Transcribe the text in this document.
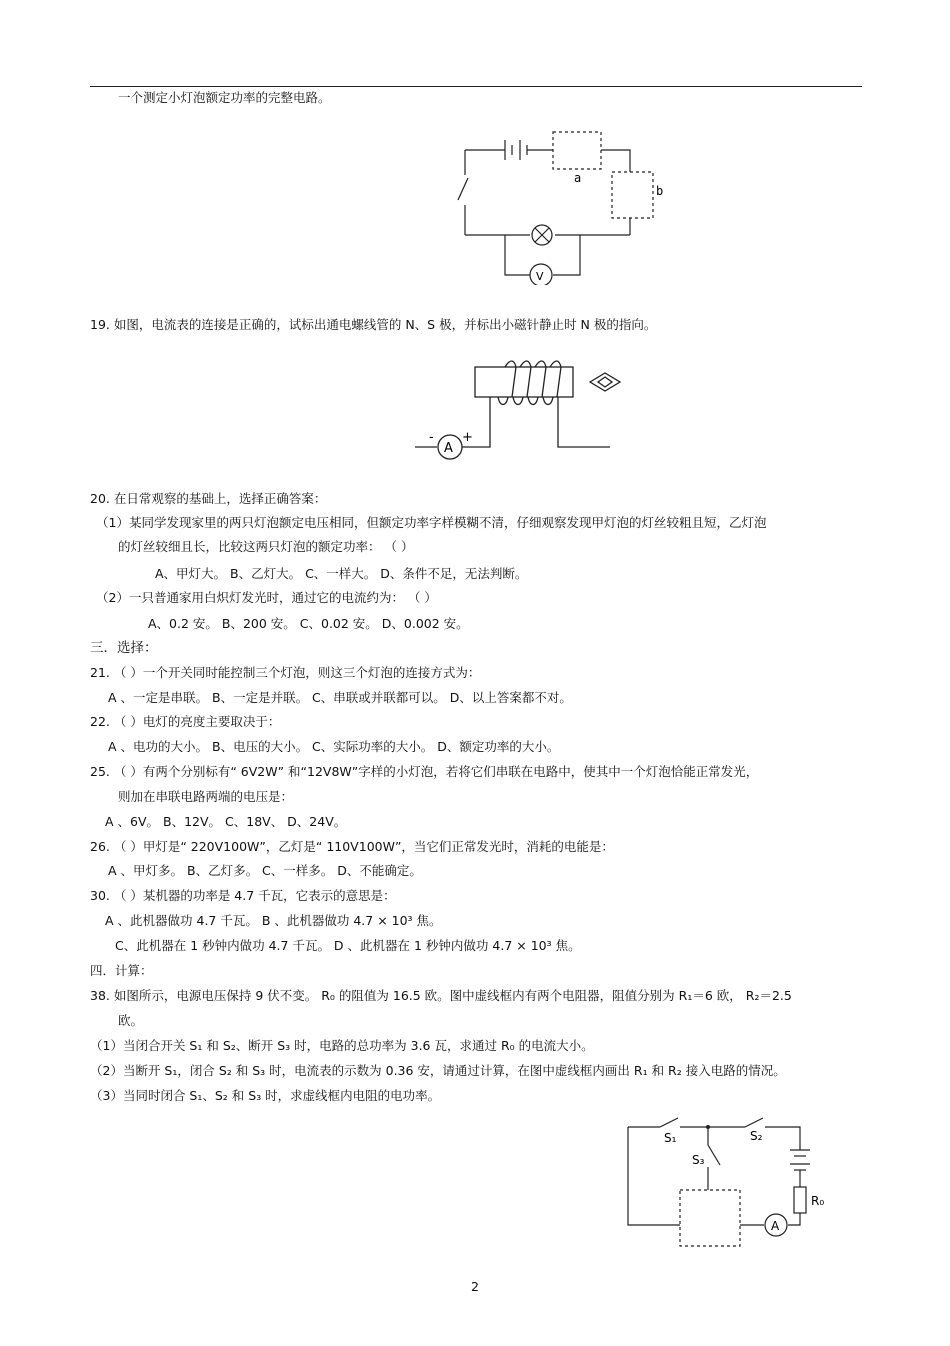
一个测定小灯泡额定功率的完整电路。
a
b
V
19. 如图，电流表的连接是正确的，试标出通电螺线管的 N、S 极，并标出小磁针静止时 N 极的指向。
- +
A
20. 在日常观察的基础上，选择正确答案：
（1）某同学发现家里的两只灯泡额定电压相同，但额定功率字样模糊不清，仔细观察发现甲灯泡的灯丝较粗且短，乙灯泡
的灯丝较细且长，比较这两只灯泡的额定功率： （ ）
A、甲灯大。 B、乙灯大。 C、一样大。 D、条件不足，无法判断。
（2）一只普通家用白炽灯发光时，通过它的电流约为： （ ）
A、0.2 安。 B、200 安。 C、0.02 安。 D、0.002 安。
三．选择：
21. （ ）一个开关同时能控制三个灯泡，则这三个灯泡的连接方式为：
A 、一定是串联。 B、一定是并联。 C、串联或并联都可以。 D、以上答案都不对。
22. （ ）电灯的亮度主要取决于：
A 、电功的大小。 B、电压的大小。 C、实际功率的大小。 D、额定功率的大小。
25. （ ）有两个分别标有“ 6V2W” 和“12V8W”字样的小灯泡，若将它们串联在电路中，使其中一个灯泡恰能正常发光，
则加在串联电路两端的电压是：
A 、6V。 B、12V。 C、18V、 D、24V。
26. （ ）甲灯是“ 220V100W”，乙灯是“ 110V100W”，当它们正常发光时，消耗的电能是：
A 、甲灯多。 B、乙灯多。 C、一样多。 D、不能确定。
30. （ ）某机器的功率是 4.7 千瓦，它表示的意思是：
A 、此机器做功 4.7 千瓦。 B 、此机器做功 4.7 × 10³ 焦。
C、此机器在 1 秒钟内做功 4.7 千瓦。 D 、此机器在 1 秒钟内做功 4.7 × 10³ 焦。
四．计算：
38. 如图所示，电源电压保持 9 伏不变。 R₀ 的阻值为 16.5 欧。图中虚线框内有两个电阻器，阻值分别为 R₁＝6 欧， R₂＝2.5
欧。
（1）当闭合开关 S₁ 和 S₂、断开 S₃ 时，电路的总功率为 3.6 瓦，求通过 R₀ 的电流大小。
（2）当断开 S₁，闭合 S₂ 和 S₃ 时，电流表的示数为 0.36 安，请通过计算，在图中虚线框内画出 R₁ 和 R₂ 接入电路的情况。
（3）当同时闭合 S₁、S₂ 和 S₃ 时，求虚线框内电阻的电功率。
S₁	S₂
S₃
R₀
A
2
